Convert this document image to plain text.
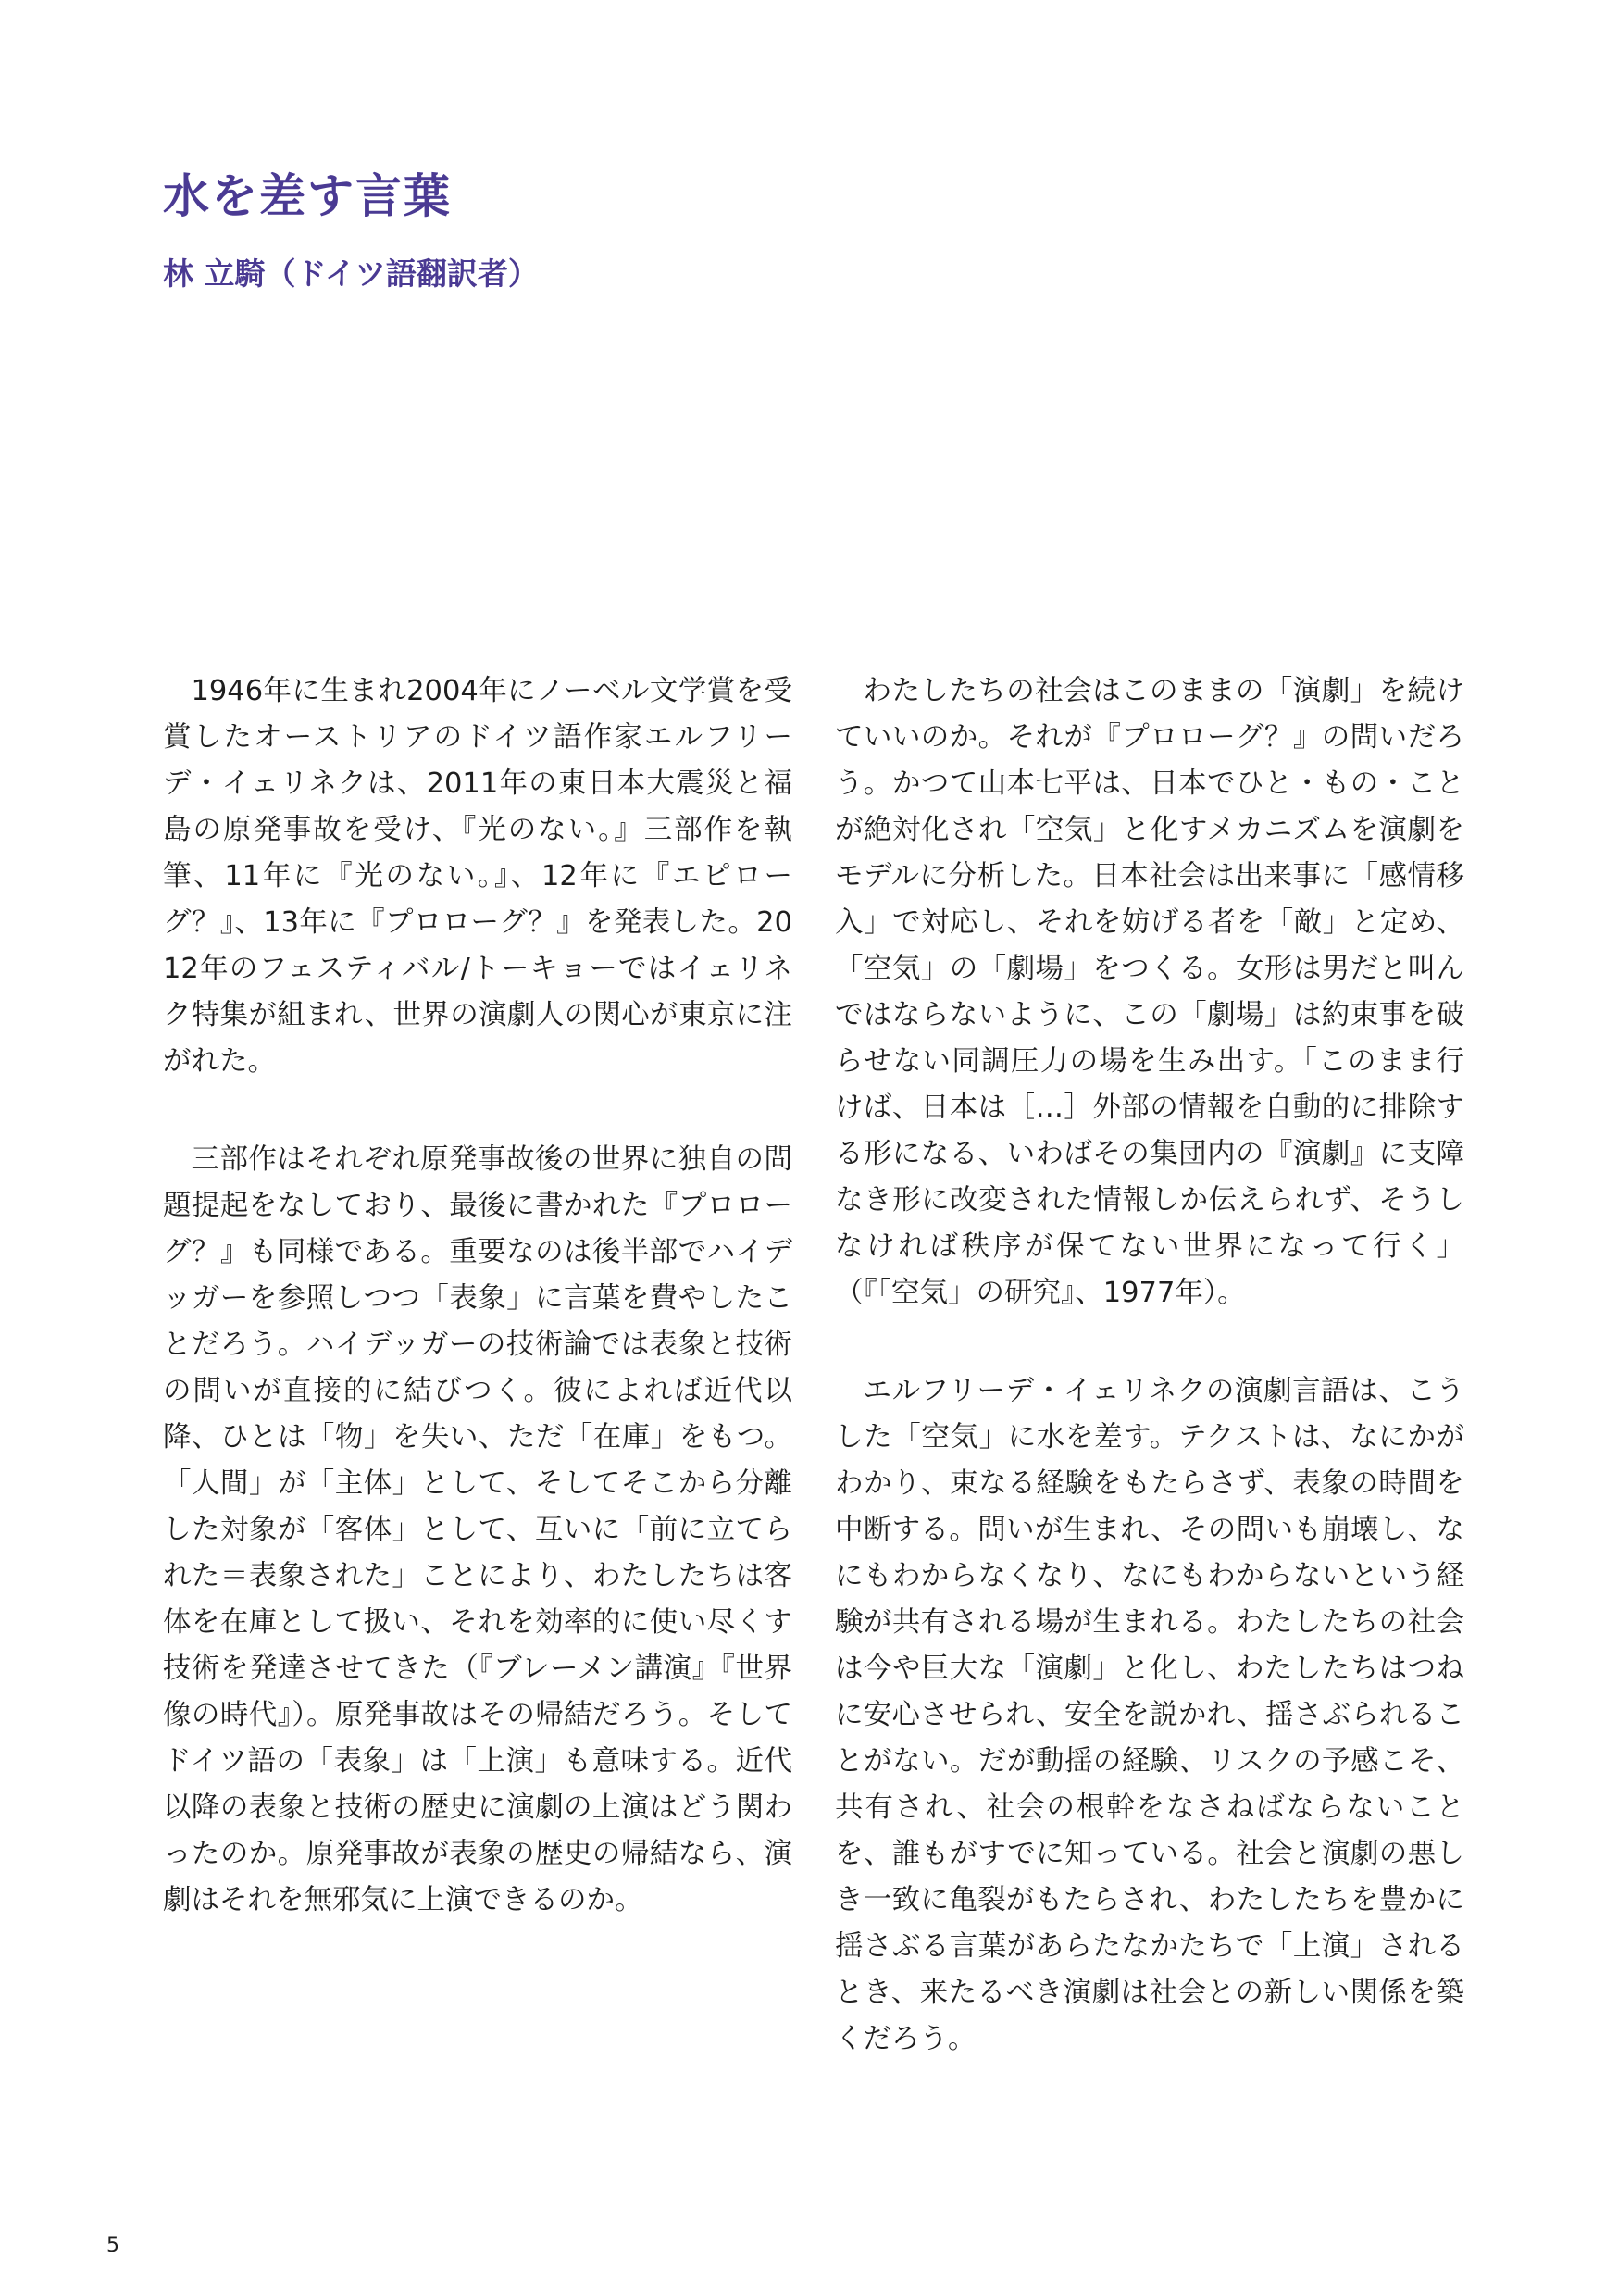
水を差す言葉
林 立騎（ドイツ語翻訳者）

1946年に生まれ2004年にノーベル文学賞を受賞したオーストリアのドイツ語作家エルフリーデ・イェリネクは、2011年の東日本大震災と福島の原発事故を受け、『光のない。』三部作を執筆、11年に『光のない。』、12年に『エピローグ？』、13年に『プロローグ？』を発表した。2012年のフェスティバル/トーキョーではイェリネク特集が組まれ、世界の演劇人の関心が東京に注がれた。

三部作はそれぞれ原発事故後の世界に独自の問題提起をなしており、最後に書かれた『プロローグ？』も同様である。重要なのは後半部でハイデッガーを参照しつつ「表象」に言葉を費やしたことだろう。ハイデッガーの技術論では表象と技術の問いが直接的に結びつく。彼によれば近代以降、ひとは「物」を失い、ただ「在庫」をもつ。「人間」が「主体」として、そしてそこから分離した対象が「客体」として、互いに「前に立てられた＝表象された」ことにより、わたしたちは客体を在庫として扱い、それを効率的に使い尽くす技術を発達させてきた（『ブレーメン講演』『世界像の時代』）。原発事故はその帰結だろう。そしてドイツ語の「表象」は「上演」も意味する。近代以降の表象と技術の歴史に演劇の上演はどう関わったのか。原発事故が表象の歴史の帰結なら、演劇はそれを無邪気に上演できるのか。

わたしたちの社会はこのままの「演劇」を続けていいのか。それが『プロローグ？』の問いだろう。かつて山本七平は、日本でひと・もの・ことが絶対化され「空気」と化すメカニズムを演劇をモデルに分析した。日本社会は出来事に「感情移入」で対応し、それを妨げる者を「敵」と定め、「空気」の「劇場」をつくる。女形は男だと叫んではならないように、この「劇場」は約束事を破らせない同調圧力の場を生み出す。「このまま行けば、日本は［…］外部の情報を自動的に排除する形になる、いわばその集団内の『演劇』に支障なき形に改変された情報しか伝えられず、そうしなければ秩序が保てない世界になって行く」（『「空気」の研究』、1977年）。

エルフリーデ・イェリネクの演劇言語は、こうした「空気」に水を差す。テクストは、なにかがわかり、束なる経験をもたらさず、表象の時間を中断する。問いが生まれ、その問いも崩壊し、なにもわからなくなり、なにもわからないという経験が共有される場が生まれる。わたしたちの社会は今や巨大な「演劇」と化し、わたしたちはつねに安心させられ、安全を説かれ、揺さぶられることがない。だが動揺の経験、リスクの予感こそ、共有され、社会の根幹をなさねばならないことを、誰もがすでに知っている。社会と演劇の悪しき一致に亀裂がもたらされ、わたしたちを豊かに揺さぶる言葉があらたなかたちで「上演」されるとき、来たるべき演劇は社会との新しい関係を築くだろう。

5
